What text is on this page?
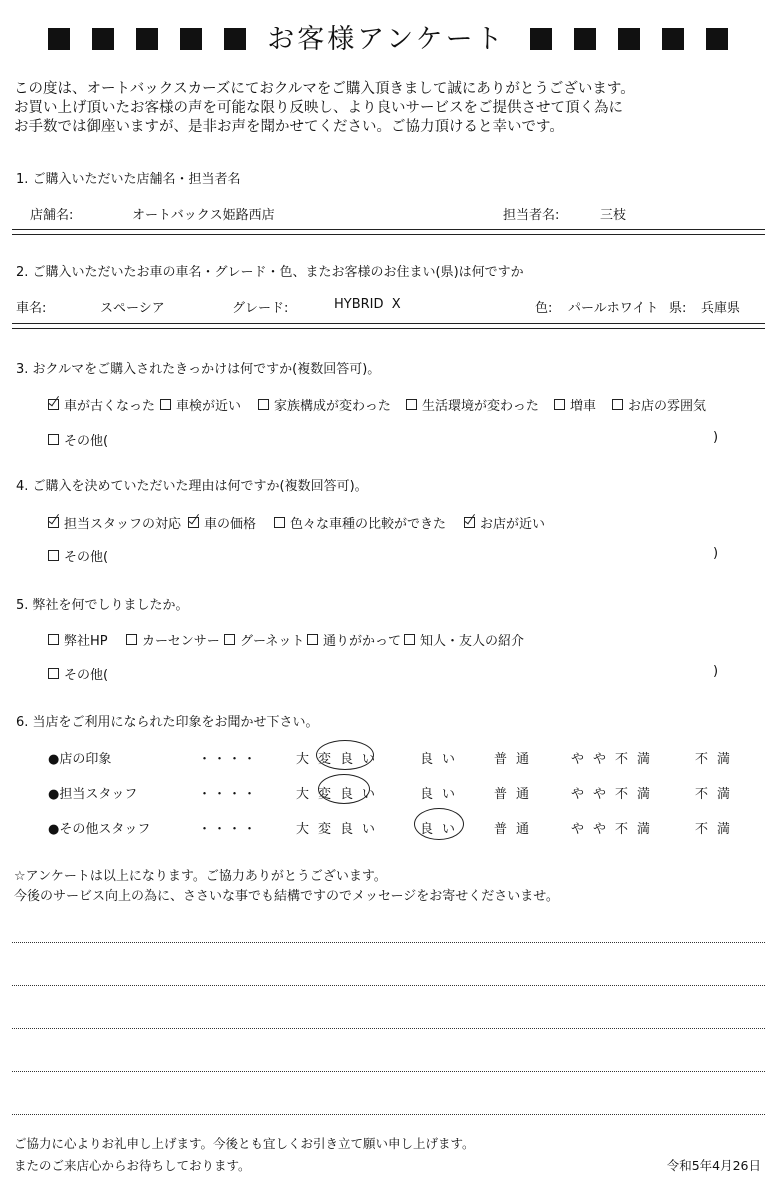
お客様アンケート
この度は、オートバックスカーズにておクルマをご購入頂きまして誠にありがとうございます。
お買い上げ頂いたお客様の声を可能な限り反映し、より良いサービスをご提供させて頂く為に
お手数では御座いますが、是非お声を聞かせてください。ご協力頂けると幸いです。
1. ご購入いただいた店舗名・担当者名
店舗名:	オートバックス姫路西店	担当者名:	三枝
2. ご購入いただいたお車の車名・グレード・色、またお客様のお住まい(県)は何ですか
車名:	スペーシア	グレード:	HYBRID  X	色: パールホワイト 県: 兵庫県
3. おクルマをご購入されたきっかけは何ですか(複数回答可)。
車が古くなった	車検が近い	家族構成が変わった	生活環境が変わった	増車	お店の雰囲気
その他(	)
4. ご購入を決めていただいた理由は何ですか(複数回答可)。
担当スタッフの対応	車の価格	色々な車種の比較ができた	お店が近い
その他(	)
5. 弊社を何でしりましたか。
弊社HP	カーセンサー	グーネット	通りがかって	知人・友人の紹介
その他(	)
6. 当店をご利用になられた印象をお聞かせ下さい。
●店の印象	・・・・	大変良い	良い 普通	やや不満	不満
●担当スタッフ	・・・・	大変良い	良い 普通	やや不満	不満
●その他スタッフ	・・・・	大変良い	良い 普通	やや不満	不満
☆アンケートは以上になります。ご協力ありがとうございます。
今後のサービス向上の為に、ささいな事でも結構ですのでメッセージをお寄せくださいませ。
ご協力に心よりお礼申し上げます。今後とも宜しくお引き立て願い申し上げます。
またのご来店心からお待ちしております。	令和5年4月26日
